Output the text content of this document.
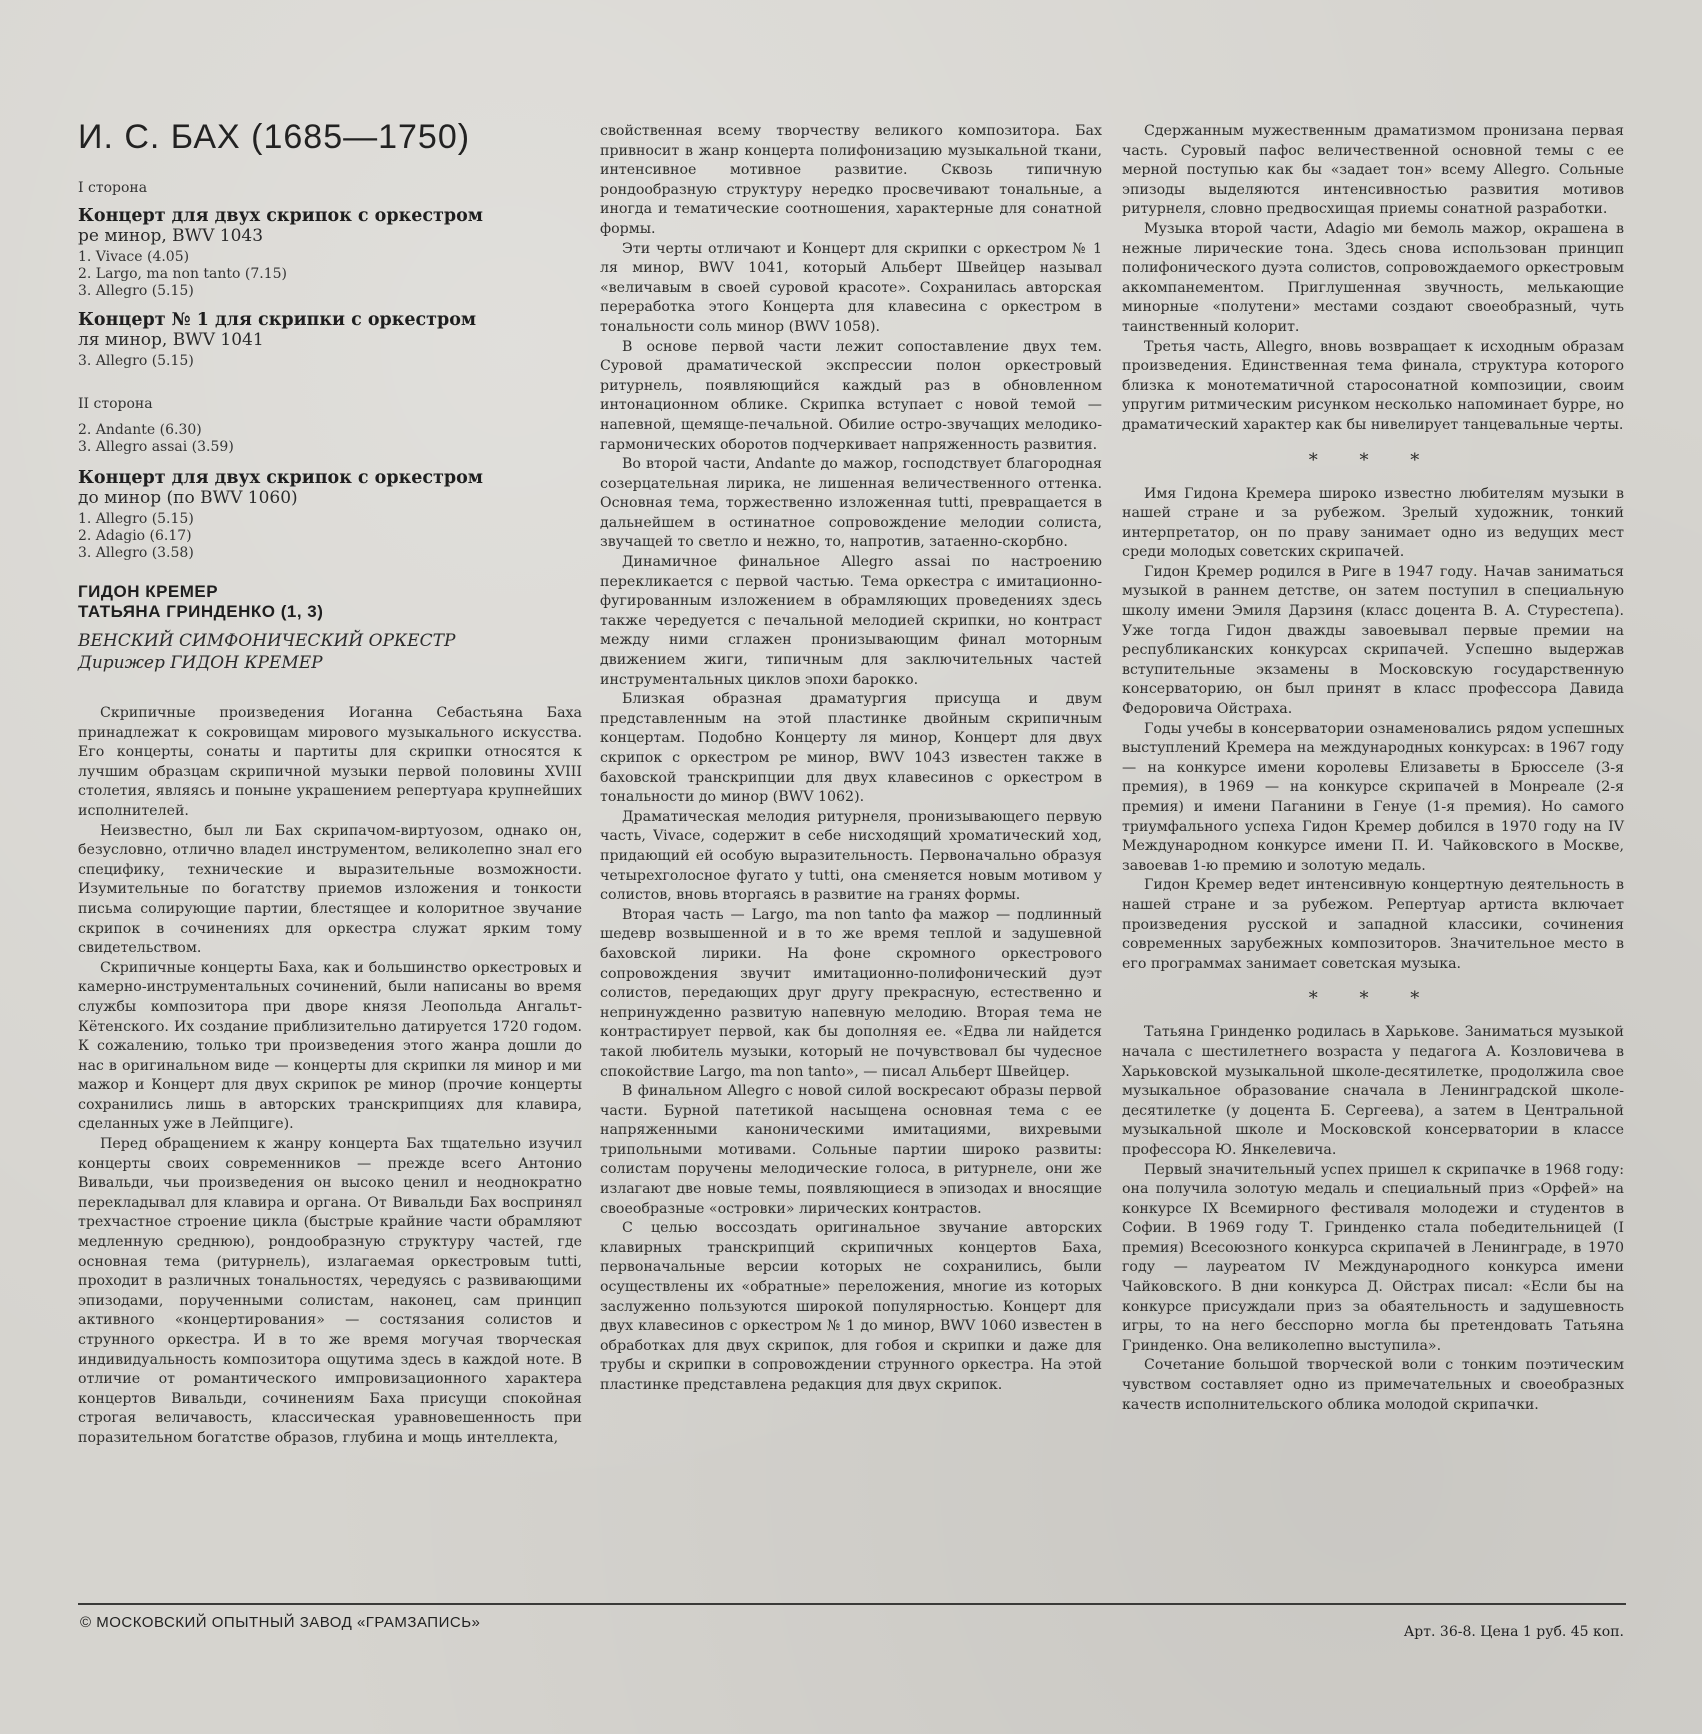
И. С. БАХ (1685—1750)
I сторона
Концерт для двух скрипок с оркестром
ре минор, BWV 1043
1. Vivace (4.05)
2. Largo, ma non tanto (7.15)
3. Allegro (5.15)
Концерт № 1 для скрипки с оркестром
ля минор, BWV 1041
3. Allegro (5.15)
II сторона
2. Andante (6.30)
3. Allegro assai (3.59)
Концерт для двух скрипок с оркестром
до минор (по BWV 1060)
1. Allegro (5.15)
2. Adagio (6.17)
3. Allegro (3.58)
ГИДОН КРЕМЕР
ТАТЬЯНА ГРИНДЕНКО (1, 3)
ВЕНСКИЙ СИМФОНИЧЕСКИЙ ОРКЕСТР
Дирижер ГИДОН КРЕМЕР

Скрипичные произведения Иоганна Себастьяна Баха принадлежат к сокровищам мирового музыкального искусства. Его концерты, сонаты и партиты для скрипки относятся к лучшим образцам скрипичной музыки первой половины XVIII столетия, являясь и поныне украшением репертуара крупнейших исполнителей.

Неизвестно, был ли Бах скрипачом-виртуозом, однако он, безусловно, отлично владел инструментом, великолепно знал его специфику, технические и выразительные возможности. Изумительные по богатству приемов изложения и тонкости письма солирующие партии, блестящее и колоритное звучание скрипок в сочинениях для оркестра служат ярким тому свидетельством.

Скрипичные концерты Баха, как и большинство оркестровых и камерно-инструментальных сочинений, были написаны во время службы композитора при дворе князя Леопольда Ангальт-Кётенского. Их создание приблизительно датируется 1720 годом. К сожалению, только три произведения этого жанра дошли до нас в оригинальном виде — концерты для скрипки ля минор и ми мажор и Концерт для двух скрипок ре минор (прочие концерты сохранились лишь в авторских транскрипциях для клавира, сделанных уже в Лейпциге).

Перед обращением к жанру концерта Бах тщательно изучил концерты своих современников — прежде всего Антонио Вивальди, чьи произведения он высоко ценил и неоднократно перекладывал для клавира и органа. От Вивальди Бах воспринял трехчастное строение цикла (быстрые крайние части обрамляют медленную среднюю), рондообразную структуру частей, где основная тема (ритурнель), излагаемая оркестровым tutti, проходит в различных тональностях, чередуясь с развивающими эпизодами, порученными солистам, наконец, сам принцип активного «концертирования» — состязания солистов и струнного оркестра. И в то же время могучая творческая индивидуальность композитора ощутима здесь в каждой ноте. В отличие от романтического импровизационного характера концертов Вивальди, сочинениям Баха присущи спокойная строгая величавость, классическая уравновешенность при поразительном богатстве образов, глубина и мощь интеллекта,

свойственная всему творчеству великого композитора. Бах привносит в жанр концерта полифонизацию музыкальной ткани, интенсивное мотивное развитие. Сквозь типичную рондообразную структуру нередко просвечивают тональные, а иногда и тематические соотношения, характерные для сонатной формы.

Эти черты отличают и Концерт для скрипки с оркестром № 1 ля минор, BWV 1041, который Альберт Швейцер называл «величавым в своей суровой красоте». Сохранилась авторская переработка этого Концерта для клавесина с оркестром в тональности соль минор (BWV 1058).

В основе первой части лежит сопоставление двух тем. Суровой драматической экспрессии полон оркестровый ритурнель, появляющийся каждый раз в обновленном интонационном облике. Скрипка вступает с новой темой — напевной, щемяще-печальной. Обилие остро-звучащих мелодико-гармонических оборотов подчеркивает напряженность развития.

Во второй части, Andante до мажор, господствует благородная созерцательная лирика, не лишенная величественного оттенка. Основная тема, торжественно изложенная tutti, превращается в дальнейшем в остинатное сопровождение мелодии солиста, звучащей то светло и нежно, то, напротив, затаенно-скорбно.

Динамичное финальное Allegro assai по настроению перекликается с первой частью. Тема оркестра с имитационно-фугированным изложением в обрамляющих проведениях здесь также чередуется с печальной мелодией скрипки, но контраст между ними сглажен пронизывающим финал моторным движением жиги, типичным для заключительных частей инструментальных циклов эпохи барокко.

Близкая образная драматургия присуща и двум представленным на этой пластинке двойным скрипичным концертам. Подобно Концерту ля минор, Концерт для двух скрипок с оркестром ре минор, BWV 1043 известен также в баховской транскрипции для двух клавесинов с оркестром в тональности до минор (BWV 1062).

Драматическая мелодия ритурнеля, пронизывающего первую часть, Vivace, содержит в себе нисходящий хроматический ход, придающий ей особую выразительность. Первоначально образуя четырехголосное фугато у tutti, она сменяется новым мотивом у солистов, вновь вторгаясь в развитие на гранях формы.

Вторая часть — Largo, ma non tanto фа мажор — подлинный шедевр возвышенной и в то же время теплой и задушевной баховской лирики. На фоне скромного оркестрового сопровождения звучит имитационно-полифонический дуэт солистов, передающих друг другу прекрасную, естественно и непринужденно развитую напевную мелодию. Вторая тема не контрастирует первой, как бы дополняя ее. «Едва ли найдется такой любитель музыки, который не почувствовал бы чудесное спокойствие Largo, ma non tanto», — писал Альберт Швейцер.

В финальном Allegro с новой силой воскресают образы первой части. Бурной патетикой насыщена основная тема с ее напряженными каноническими имитациями, вихревыми трипольными мотивами. Сольные партии широко развиты: солистам поручены мелодические голоса, в ритурнеле, они же излагают две новые темы, появляющиеся в эпизодах и вносящие своеобразные «островки» лирических контрастов.

С целью воссоздать оригинальное звучание авторских клавирных транскрипций скрипичных концертов Баха, первоначальные версии которых не сохранились, были осуществлены их «обратные» переложения, многие из которых заслуженно пользуются широкой популярностью. Концерт для двух клавесинов с оркестром № 1 до минор, BWV 1060 известен в обработках для двух скрипок, для гобоя и скрипки и даже для трубы и скрипки в сопровождении струнного оркестра. На этой пластинке представлена редакция для двух скрипок.

Сдержанным мужественным драматизмом пронизана первая часть. Суровый пафос величественной основной темы с ее мерной поступью как бы «задает тон» всему Allegro. Сольные эпизоды выделяются интенсивностью развития мотивов ритурнеля, словно предвосхищая приемы сонатной разработки.

Музыка второй части, Adagio ми бемоль мажор, окрашена в нежные лирические тона. Здесь снова использован принцип полифонического дуэта солистов, сопровождаемого оркестровым аккомпанементом. Приглушенная звучность, мелькающие минорные «полутени» местами создают своеобразный, чуть таинственный колорит.

Третья часть, Allegro, вновь возвращает к исходным образам произведения. Единственная тема финала, структура которого близка к монотематичной старосонатной композиции, своим упругим ритмическим рисунком несколько напоминает бурре, но драматический характер как бы нивелирует танцевальные черты.

* * *

Имя Гидона Кремера широко известно любителям музыки в нашей стране и за рубежом. Зрелый художник, тонкий интерпретатор, он по праву занимает одно из ведущих мест среди молодых советских скрипачей.

Гидон Кремер родился в Риге в 1947 году. Начав заниматься музыкой в раннем детстве, он затем поступил в специальную школу имени Эмиля Дарзиня (класс доцента В. А. Стурестепа). Уже тогда Гидон дважды завоевывал первые премии на республиканских конкурсах скрипачей. Успешно выдержав вступительные экзамены в Московскую государственную консерваторию, он был принят в класс профессора Давида Федоровича Ойстраха.

Годы учебы в консерватории ознаменовались рядом успешных выступлений Кремера на международных конкурсах: в 1967 году — на конкурсе имени королевы Елизаветы в Брюсселе (3-я премия), в 1969 — на конкурсе скрипачей в Монреале (2-я премия) и имени Паганини в Генуе (1-я премия). Но самого триумфального успеха Гидон Кремер добился в 1970 году на IV Международном конкурсе имени П. И. Чайковского в Москве, завоевав 1-ю премию и золотую медаль.

Гидон Кремер ведет интенсивную концертную деятельность в нашей стране и за рубежом. Репертуар артиста включает произведения русской и западной классики, сочинения современных зарубежных композиторов. Значительное место в его программах занимает советская музыка.

* * *

Татьяна Гринденко родилась в Харькове. Заниматься музыкой начала с шестилетнего возраста у педагога А. Козловичева в Харьковской музыкальной школе-десятилетке, продолжила свое музыкальное образование сначала в Ленинградской школе-десятилетке (у доцента Б. Сергеева), а затем в Центральной музыкальной школе и Московской консерватории в классе профессора Ю. Янкелевича.

Первый значительный успех пришел к скрипачке в 1968 году: она получила золотую медаль и специальный приз «Орфей» на конкурсе IX Всемирного фестиваля молодежи и студентов в Софии. В 1969 году Т. Гринденко стала победительницей (I премия) Всесоюзного конкурса скрипачей в Ленинграде, в 1970 году — лауреатом IV Международного конкурса имени Чайковского. В дни конкурса Д. Ойстрах писал: «Если бы на конкурсе присуждали приз за обаятельность и задушевность игры, то на него бесспорно могла бы претендовать Татьяна Гринденко. Она великолепно выступила».

Сочетание большой творческой воли с тонким поэтическим чувством составляет одно из примечательных и своеобразных качеств исполнительского облика молодой скрипачки.

© МОСКОВСКИЙ ОПЫТНЫЙ ЗАВОД «ГРАМЗАПИСЬ»
Арт. 36-8. Цена 1 руб. 45 коп.
